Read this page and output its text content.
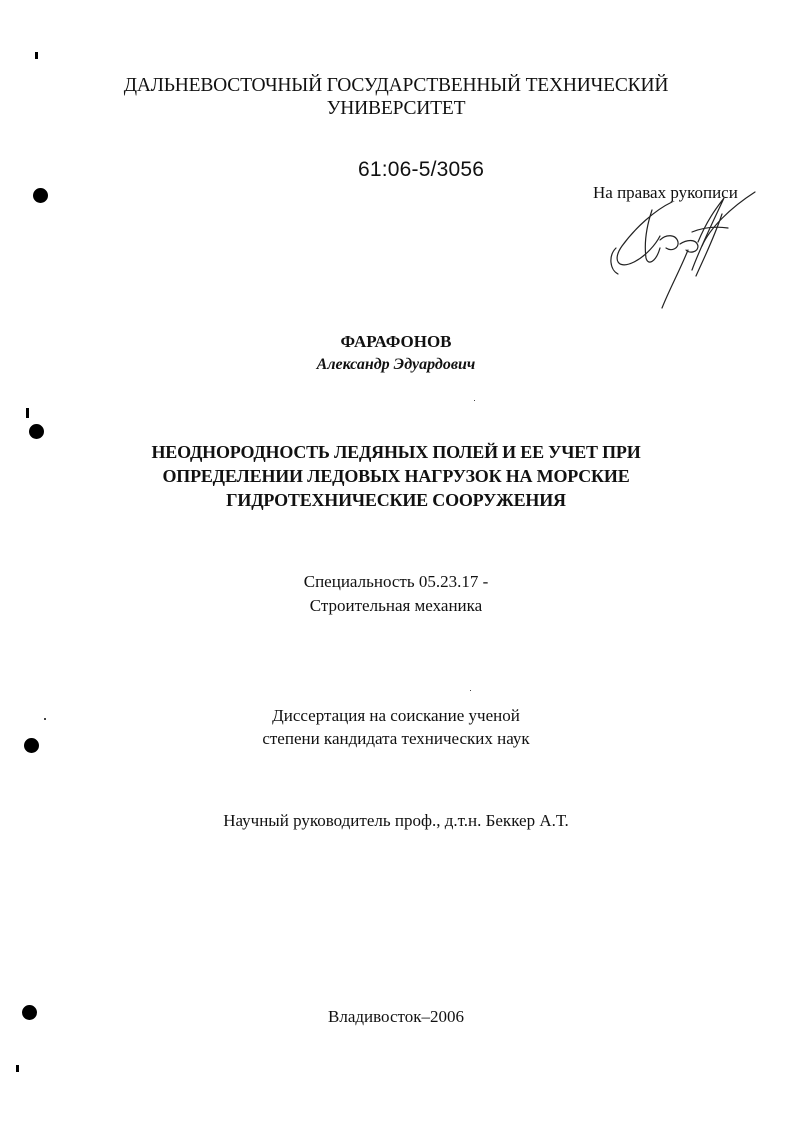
ДАЛЬНЕВОСТОЧНЫЙ ГОСУДАРСТВЕННЫЙ ТЕХНИЧЕСКИЙ
УНИВЕРСИТЕТ
61:06-5/3056
На правах рукописи
ФАРАФОНОВ
Александр Эдуардович
НЕОДНОРОДНОСТЬ ЛЕДЯНЫХ ПОЛЕЙ И ЕЕ УЧЕТ ПРИ
ОПРЕДЕЛЕНИИ ЛЕДОВЫХ НАГРУЗОК НА МОРСКИЕ
ГИДРОТЕХНИЧЕСКИЕ СООРУЖЕНИЯ
Специальность 05.23.17 -
Строительная механика
Диссертация на соискание ученой
степени кандидата технических наук
Научный руководитель проф., д.т.н. Беккер А.Т.
Владивосток–2006
